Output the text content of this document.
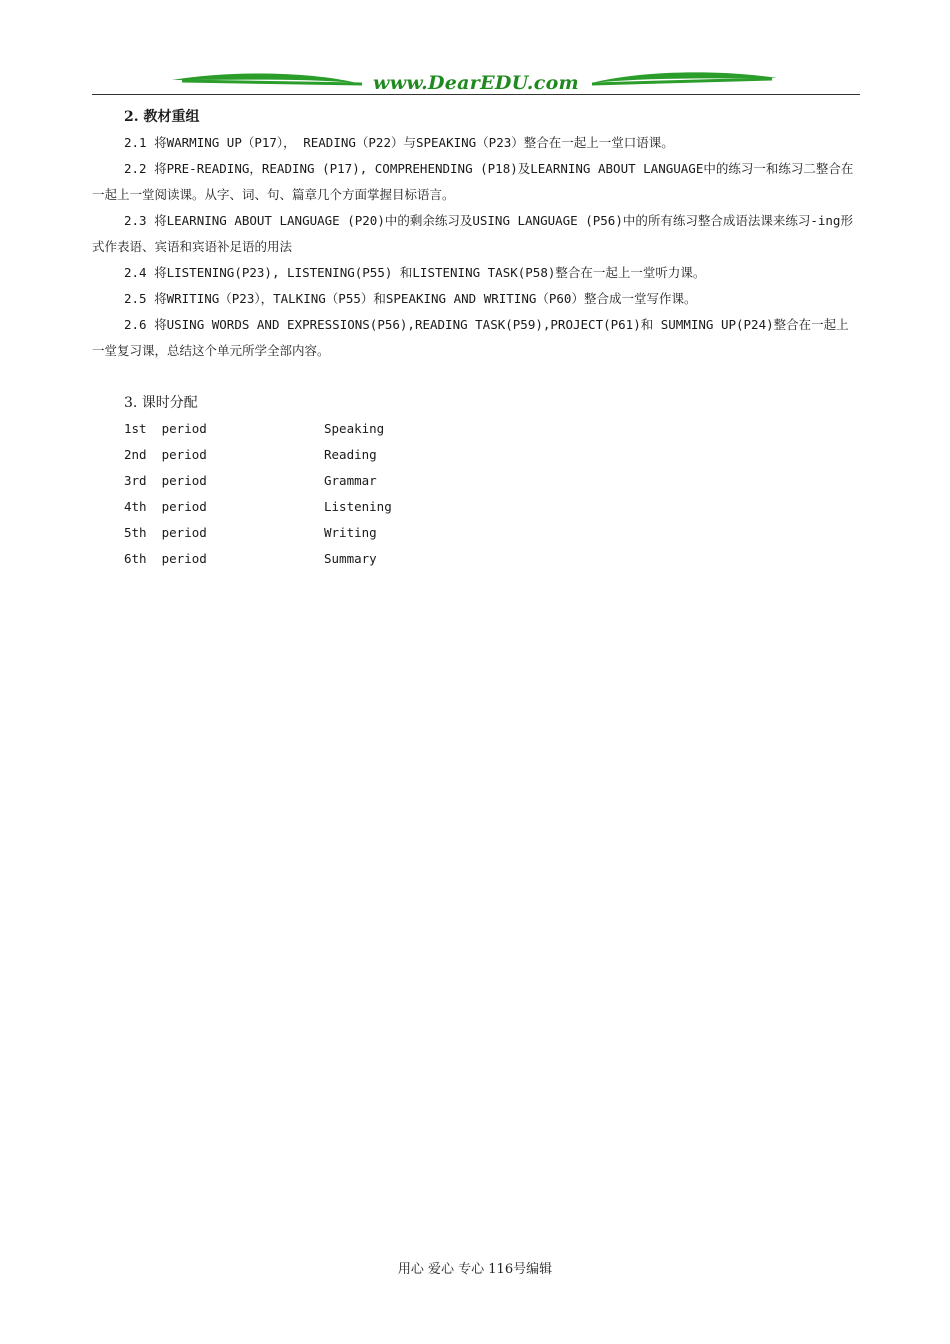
www.DearEDU.com

2. 教材重组

2.1 将WARMING UP（P17）， READING（P22）与SPEAKING（P23）整合在一起上一堂口语课。

2.2 将PRE-READING，READING (P17), COMPREHENDING (P18)及LEARNING ABOUT LANGUAGE中的练习一和练习二整合在一起上一堂阅读课。从字、词、句、篇章几个方面掌握目标语言。

2.3 将LEARNING ABOUT LANGUAGE (P20)中的剩余练习及USING LANGUAGE (P56)中的所有练习整合成语法课来练习-ing形式作表语、宾语和宾语补足语的用法

2.4 将LISTENING(P23), LISTENING(P55) 和LISTENING TASK(P58)整合在一起上一堂听力课。

2.5 将WRITING（P23），TALKING（P55）和SPEAKING AND WRITING（P60）整合成一堂写作课。

2.6 将USING WORDS AND EXPRESSIONS(P56),READING TASK(P59),PROJECT(P61)和 SUMMING UP(P24)整合在一起上一堂复习课，总结这个单元所学全部内容。

3. 课时分配

1st  period	Speaking
2nd  period	Reading
3rd  period	Grammar
4th  period	Listening
5th  period	Writing
6th  period	Summary
用心 爱心 专心 116号编辑
